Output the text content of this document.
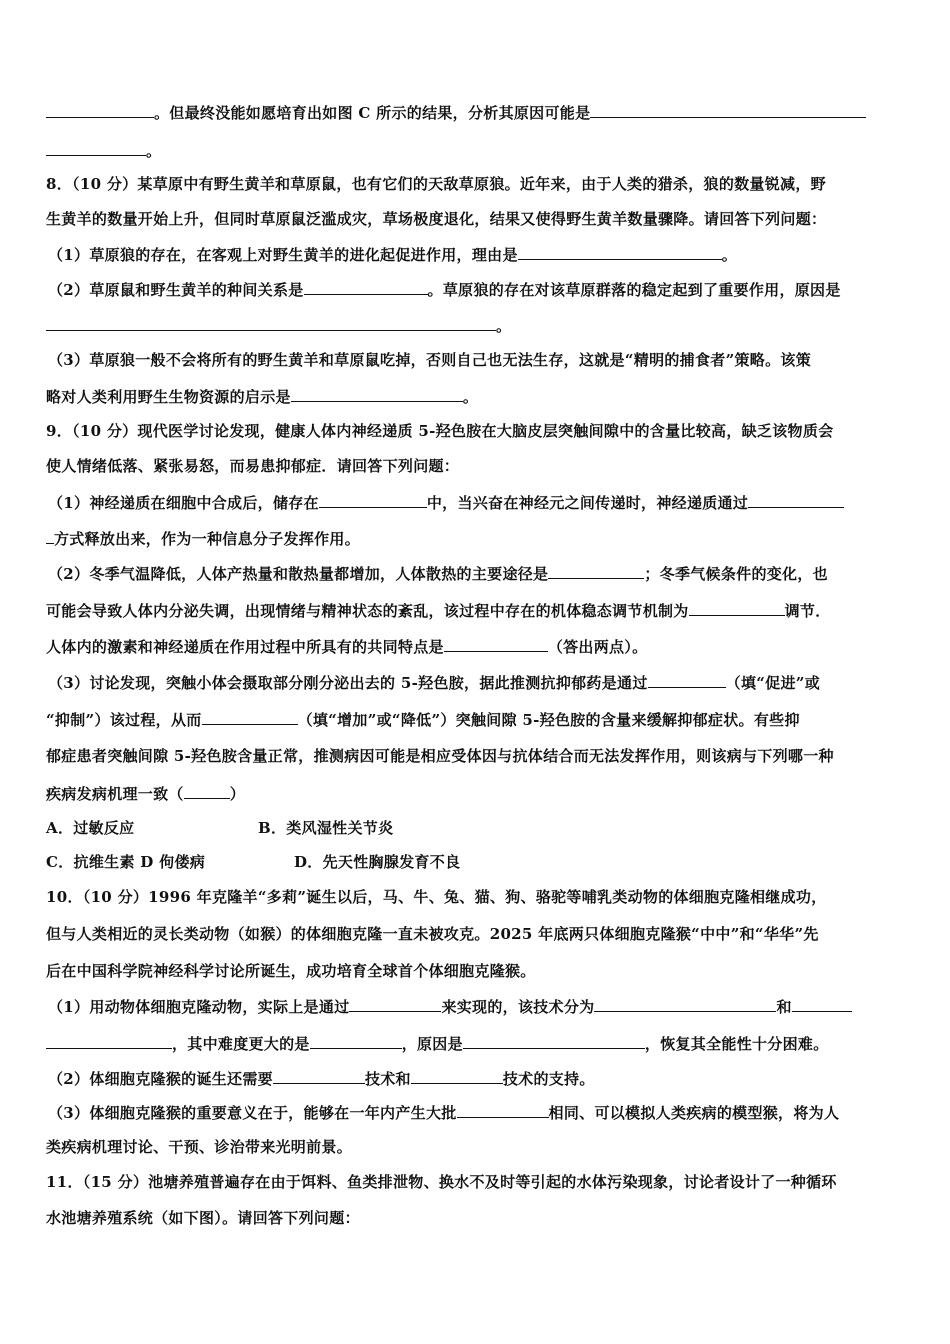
。但最终没能如愿培育出如图 C 所示的结果，分析其原因可能是
。
8．（10 分）某草原中有野生黄羊和草原鼠，也有它们的天敌草原狼。近年来，由于人类的猎杀，狼的数量锐减，野
生黄羊的数量开始上升，但同时草原鼠泛滥成灾，草场极度退化，结果又使得野生黄羊数量骤降。请回答下列问题：
（1）草原狼的存在，在客观上对野生黄羊的进化起促进作用，理由是	。
（2）草原鼠和野生黄羊的种间关系是	。草原狼的存在对该草原群落的稳定起到了重要作用，原因是
。
（3）草原狼一般不会将所有的野生黄羊和草原鼠吃掉，否则自己也无法生存，这就是“精明的捕食者”策略。该策
略对人类利用野生生物资源的启示是	。
9．（10 分）现代医学讨论发现，健康人体内神经递质 5-羟色胺在大脑皮层突触间隙中的含量比较高，缺乏该物质会
使人情绪低落、紧张易怒，而易患抑郁症．请回答下列问题：
（1）神经递质在细胞中合成后，储存在	中，当兴奋在神经元之间传递时，神经递质通过
方式释放出来，作为一种信息分子发挥作用。
（2）冬季气温降低，人体产热量和散热量都增加，人体散热的主要途径是	；冬季气候条件的变化，也
可能会导致人体内分泌失调，出现情绪与精神状态的紊乱，该过程中存在的机体稳态调节机制为	调节．
人体内的激素和神经递质在作用过程中所具有的共同特点是	（答出两点）。
（3）讨论发现，突触小体会摄取部分刚分泌出去的 5-羟色胺，据此推测抗抑郁药是通过	（填“促进”或
“抑制”）该过程，从而	（填“增加”或“降低”）突触间隙 5-羟色胺的含量来缓解抑郁症状。有些抑
郁症患者突触间隙 5-羟色胺含量正常，推测病因可能是相应受体因与抗体结合而无法发挥作用，则该病与下列哪一种
疾病发病机理一致（	）
A．过敏反应	B．类风湿性关节炎
C．抗维生素 D 佝偻病	D．先天性胸腺发育不良
10．（10 分）1996 年克隆羊“多莉”诞生以后，马、牛、兔、猫、狗、骆驼等哺乳类动物的体细胞克隆相继成功，
但与人类相近的灵长类动物（如猴）的体细胞克隆一直未被攻克。2025 年底两只体细胞克隆猴“中中”和“华华”先
后在中国科学院神经科学讨论所诞生，成功培育全球首个体细胞克隆猴。
（1）用动物体细胞克隆动物，实际上是通过	来实现的，该技术分为	和
，其中难度更大的是	，原因是	，恢复其全能性十分困难。
（2）体细胞克隆猴的诞生还需要	技术和	技术的支持。
（3）体细胞克隆猴的重要意义在于，能够在一年内产生大批	相同、可以模拟人类疾病的模型猴，将为人
类疾病机理讨论、干预、诊治带来光明前景。
11．（15 分）池塘养殖普遍存在由于饵料、鱼类排泄物、换水不及时等引起的水体污染现象，讨论者设计了一种循环
水池塘养殖系统（如下图）。请回答下列问题：
